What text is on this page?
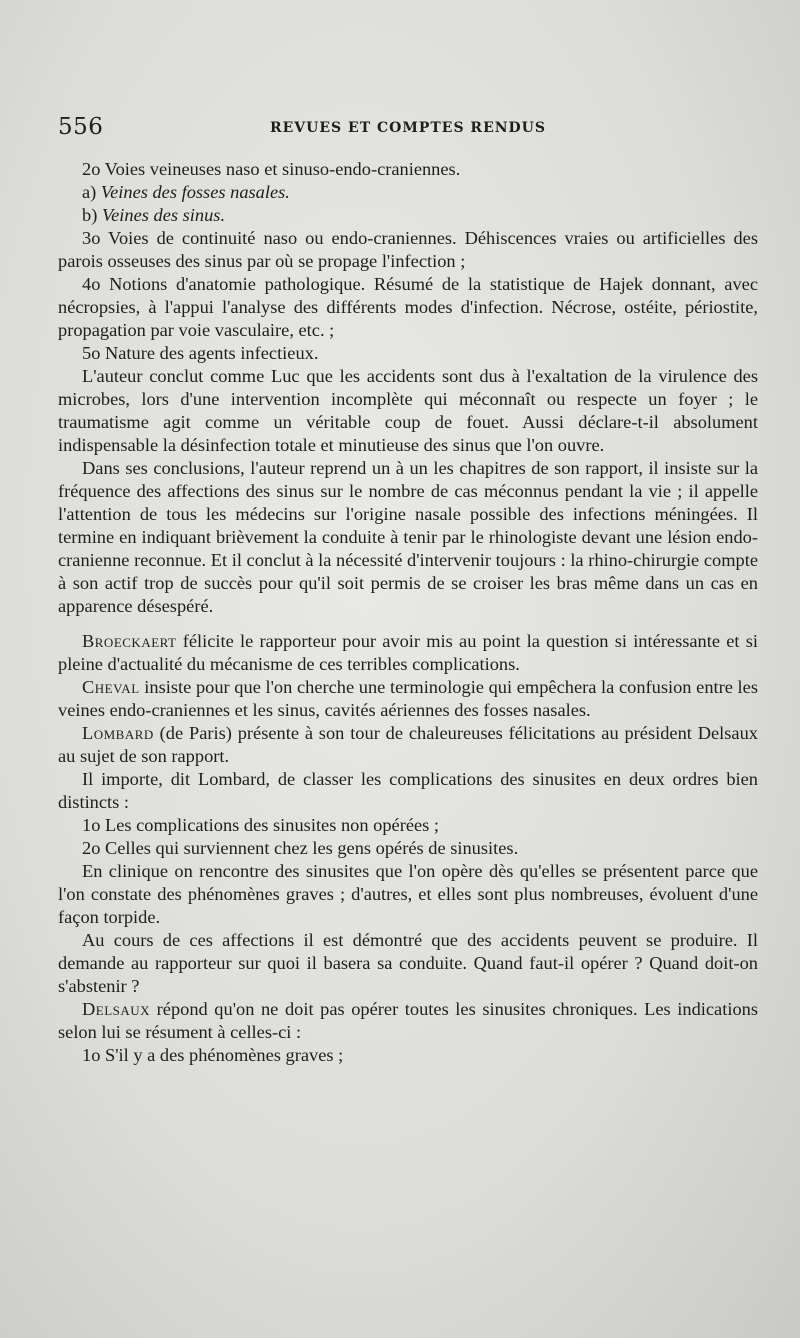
556	REVUES ET COMPTES RENDUS

2o Voies veineuses naso et sinuso-endo-craniennes.

a) Veines des fosses nasales.

b) Veines des sinus.

3o Voies de continuité naso ou endo-craniennes. Déhiscences vraies ou artificielles des parois osseuses des sinus par où se propage l'infection ;

4o Notions d'anatomie pathologique. Résumé de la statistique de Hajek donnant, avec nécropsies, à l'appui l'analyse des différents modes d'infection. Nécrose, ostéite, périostite, propagation par voie vasculaire, etc. ;

5o Nature des agents infectieux.

L'auteur conclut comme Luc que les accidents sont dus à l'exaltation de la virulence des microbes, lors d'une intervention incomplète qui méconnaît ou respecte un foyer ; le traumatisme agit comme un véritable coup de fouet. Aussi déclare-t-il absolument indispensable la désinfection totale et minutieuse des sinus que l'on ouvre.

Dans ses conclusions, l'auteur reprend un à un les chapitres de son rapport, il insiste sur la fréquence des affections des sinus sur le nombre de cas méconnus pendant la vie ; il appelle l'attention de tous les médecins sur l'origine nasale possible des infections méningées. Il termine en indiquant brièvement la conduite à tenir par le rhinologiste devant une lésion endo-cranienne reconnue. Et il conclut à la nécessité d'intervenir toujours : la rhino-chirurgie compte à son actif trop de succès pour qu'il soit permis de se croiser les bras même dans un cas en apparence désespéré.

Broeckaert félicite le rapporteur pour avoir mis au point la question si intéressante et si pleine d'actualité du mécanisme de ces terribles complications.

Cheval insiste pour que l'on cherche une terminologie qui empêchera la confusion entre les veines endo-craniennes et les sinus, cavités aériennes des fosses nasales.

Lombard (de Paris) présente à son tour de chaleureuses félicitations au président Delsaux au sujet de son rapport.

Il importe, dit Lombard, de classer les complications des sinusites en deux ordres bien distincts :

1o Les complications des sinusites non opérées ;

2o Celles qui surviennent chez les gens opérés de sinusites.

En clinique on rencontre des sinusites que l'on opère dès qu'elles se présentent parce que l'on constate des phénomènes graves ; d'autres, et elles sont plus nombreuses, évoluent d'une façon torpide.

Au cours de ces affections il est démontré que des accidents peuvent se produire. Il demande au rapporteur sur quoi il basera sa conduite. Quand faut-il opérer ? Quand doit-on s'abstenir ?

Delsaux répond qu'on ne doit pas opérer toutes les sinusites chroniques. Les indications selon lui se résument à celles-ci :

1o S'il y a des phénomènes graves ;
